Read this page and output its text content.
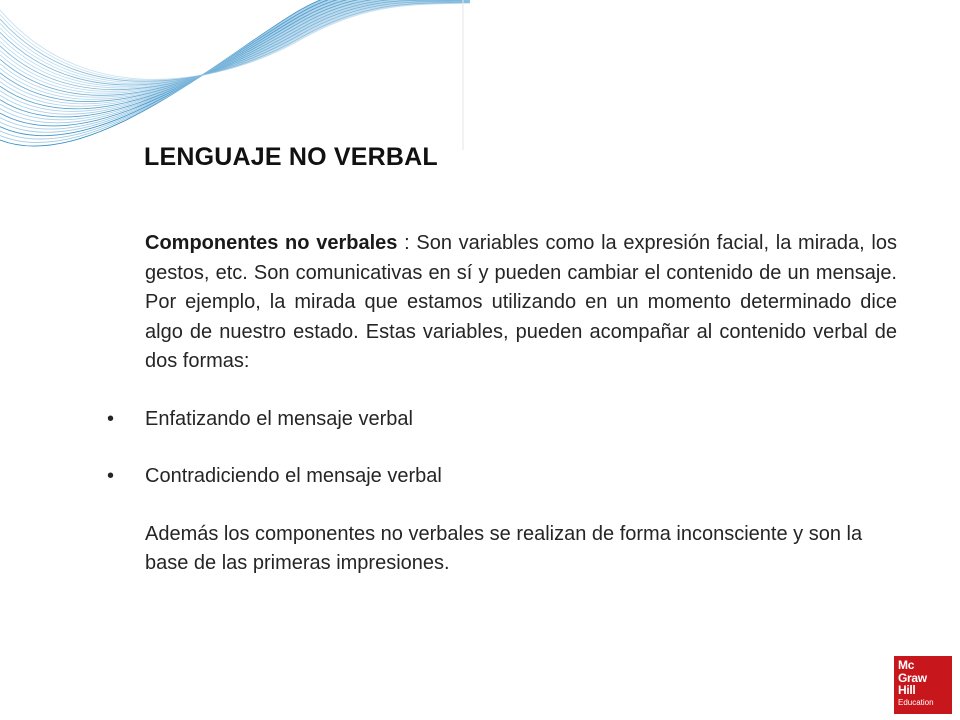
LENGUAJE NO VERBAL

Componentes no verbales : Son variables como la expresión facial, la mirada, los gestos, etc. Son comunicativas en sí y pueden cambiar el contenido de un mensaje. Por ejemplo, la mirada que estamos utilizando en un momento determinado dice algo de nuestro estado. Estas variables, pueden acompañar al contenido verbal de dos formas:

• Enfatizando el mensaje verbal
• Contradiciendo el mensaje verbal

Además los componentes no verbales se realizan de forma inconsciente y son la base de las primeras impresiones.

Mc
Graw
Hill
Education
